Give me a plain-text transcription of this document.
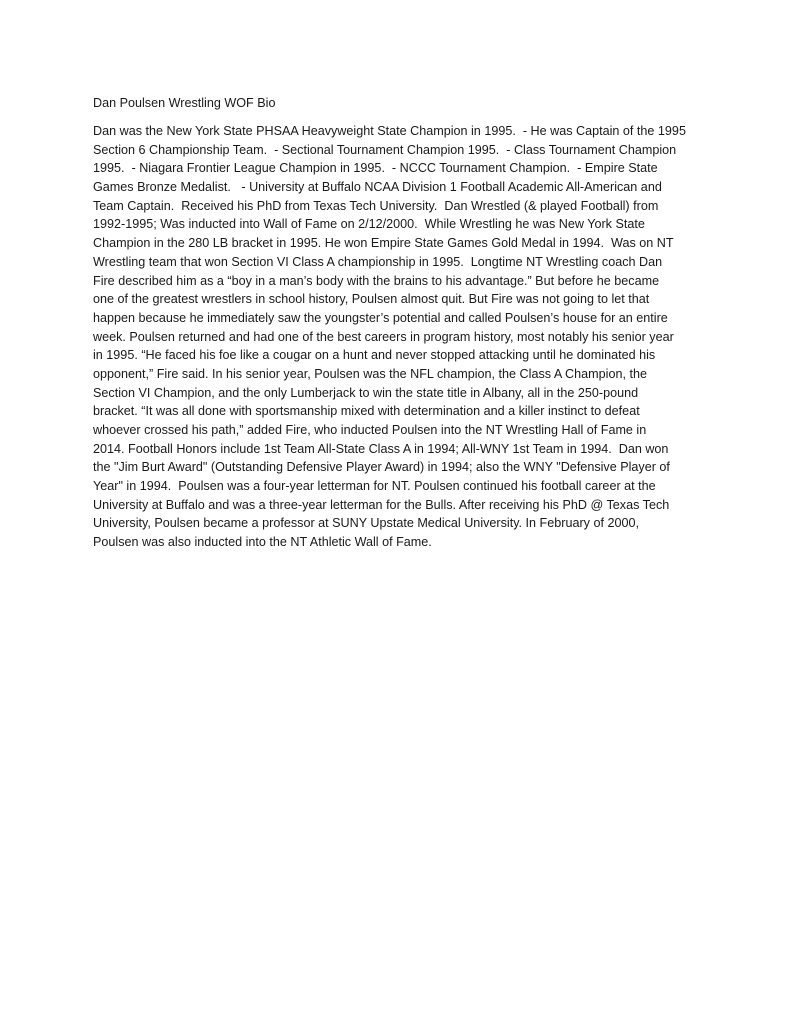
Dan Poulsen Wrestling WOF Bio
Dan was the New York State PHSAA Heavyweight State Champion in 1995.  - He was Captain of the 1995
Section 6 Championship Team.  - Sectional Tournament Champion 1995.  - Class Tournament Champion
1995.  - Niagara Frontier League Champion in 1995.  - NCCC Tournament Champion.  - Empire State
Games Bronze Medalist.   - University at Buffalo NCAA Division 1 Football Academic All-American and
Team Captain.  Received his PhD from Texas Tech University.  Dan Wrestled (& played Football) from
1992-1995; Was inducted into Wall of Fame on 2/12/2000.  While Wrestling he was New York State
Champion in the 280 LB bracket in 1995. He won Empire State Games Gold Medal in 1994.  Was on NT
Wrestling team that won Section VI Class A championship in 1995.  Longtime NT Wrestling coach Dan
Fire described him as a “boy in a man’s body with the brains to his advantage.” But before he became
one of the greatest wrestlers in school history, Poulsen almost quit. But Fire was not going to let that
happen because he immediately saw the youngster’s potential and called Poulsen’s house for an entire
week. Poulsen returned and had one of the best careers in program history, most notably his senior year
in 1995. “He faced his foe like a cougar on a hunt and never stopped attacking until he dominated his
opponent,” Fire said. In his senior year, Poulsen was the NFL champion, the Class A Champion, the
Section VI Champion, and the only Lumberjack to win the state title in Albany, all in the 250-pound
bracket. “It was all done with sportsmanship mixed with determination and a killer instinct to defeat
whoever crossed his path,” added Fire, who inducted Poulsen into the NT Wrestling Hall of Fame in
2014. Football Honors include 1st Team All-State Class A in 1994; All-WNY 1st Team in 1994.  Dan won
the "Jim Burt Award" (Outstanding Defensive Player Award) in 1994; also the WNY "Defensive Player of
Year" in 1994.  Poulsen was a four-year letterman for NT. Poulsen continued his football career at the
University at Buffalo and was a three-year letterman for the Bulls. After receiving his PhD @ Texas Tech
University, Poulsen became a professor at SUNY Upstate Medical University. In February of 2000,
Poulsen was also inducted into the NT Athletic Wall of Fame.
